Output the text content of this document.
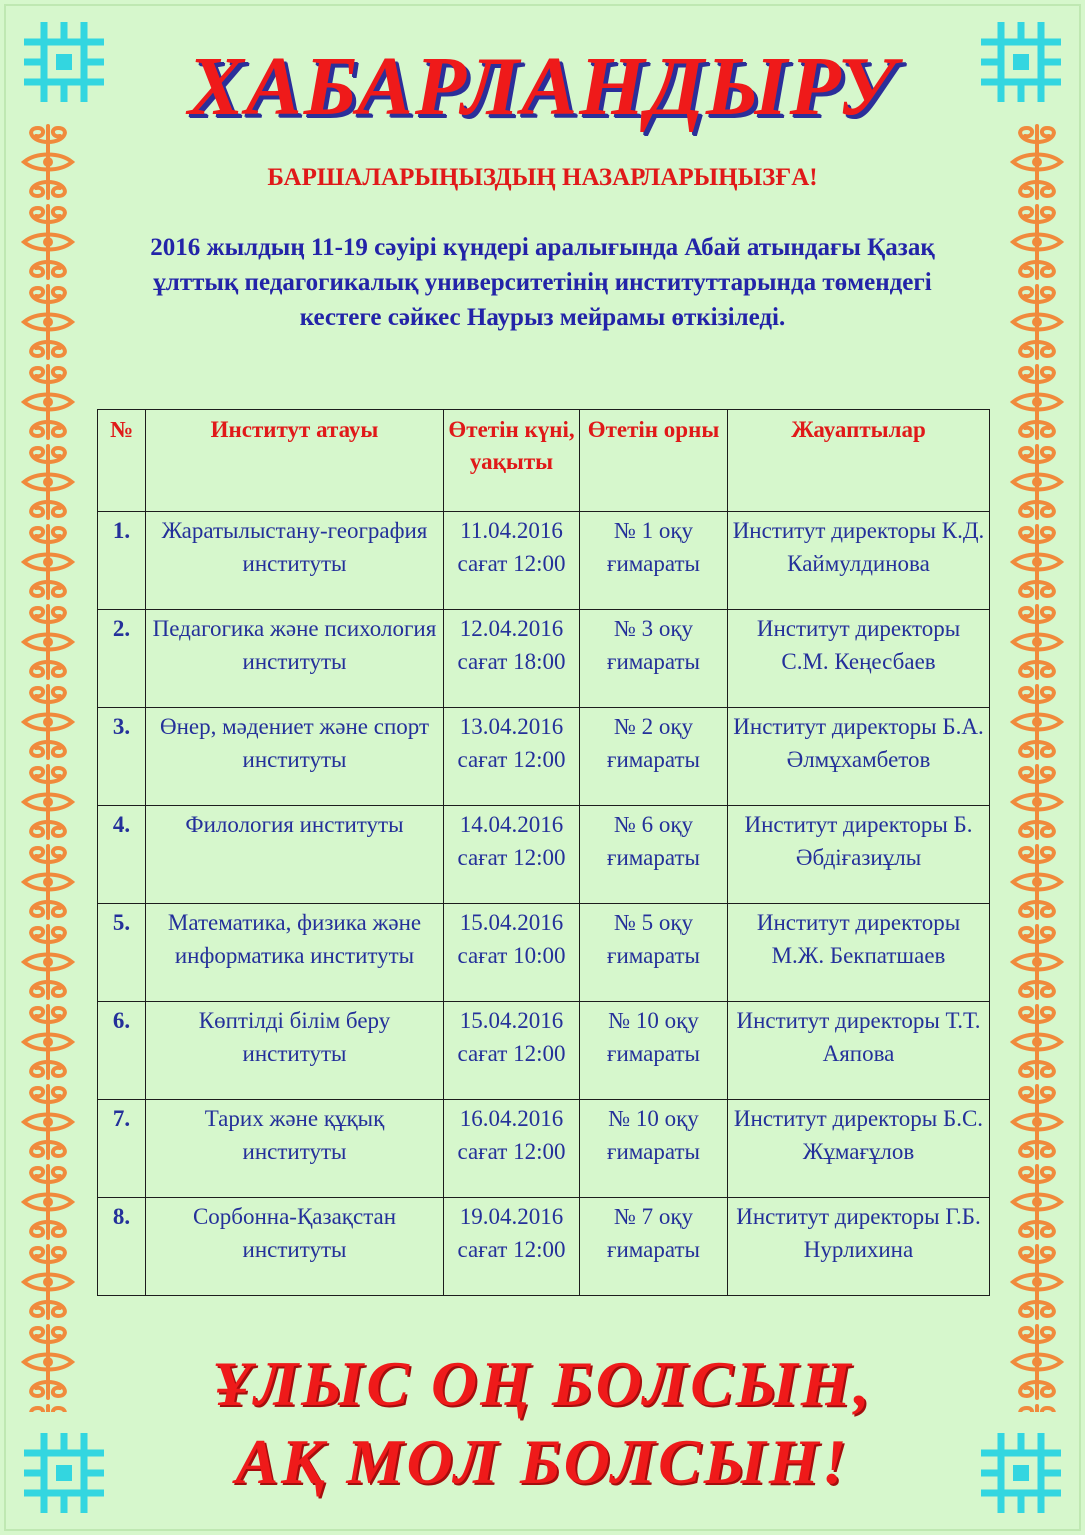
ХАБАРЛАНДЫРУ
БАРШАЛАРЫҢЫЗДЫҢ НАЗАРЛАРЫҢЫЗҒА!
2016 жылдың 11-19 сәуірі күндері аралығында Абай атындағы Қазақ ұлттық педагогикалық университетінің институттарында төмендегі кестеге сәйкес Наурыз мейрамы өткізіледі.
№	Институт атауы	Өтетін күні, уақыты	Өтетін орны	Жауаптылар
1.	Жаратылыстану-география институты	11.04.2016 сағат 12:00	№ 1 оқу ғимараты	Институт директоры К.Д. Каймулдинова
2.	Педагогика және психология институты	12.04.2016 сағат 18:00	№ 3 оқу ғимараты	Институт директоры С.М. Кеңесбаев
3.	Өнер, мәдениет және спорт институты	13.04.2016 сағат 12:00	№ 2 оқу ғимараты	Институт директоры Б.А. Әлмұхамбетов
4.	Филология институты	14.04.2016 сағат 12:00	№ 6 оқу ғимараты	Институт директоры Б. Әбдіғазиұлы
5.	Математика, физика және информатика институты	15.04.2016 сағат 10:00	№ 5 оқу ғимараты	Институт директоры М.Ж. Бекпатшаев
6.	Көптілді білім беру институты	15.04.2016 сағат 12:00	№ 10 оқу ғимараты	Институт директоры Т.Т. Аяпова
7.	Тарих және құқық институты	16.04.2016 сағат 12:00	№ 10 оқу ғимараты	Институт директоры Б.С. Жұмағұлов
8.	Сорбонна-Қазақстан институты	19.04.2016 сағат 12:00	№ 7 оқу ғимараты	Институт директоры Г.Б. Нурлихина
ҰЛЫС ОҢ БОЛСЫН,
АҚ МОЛ БОЛСЫН!
